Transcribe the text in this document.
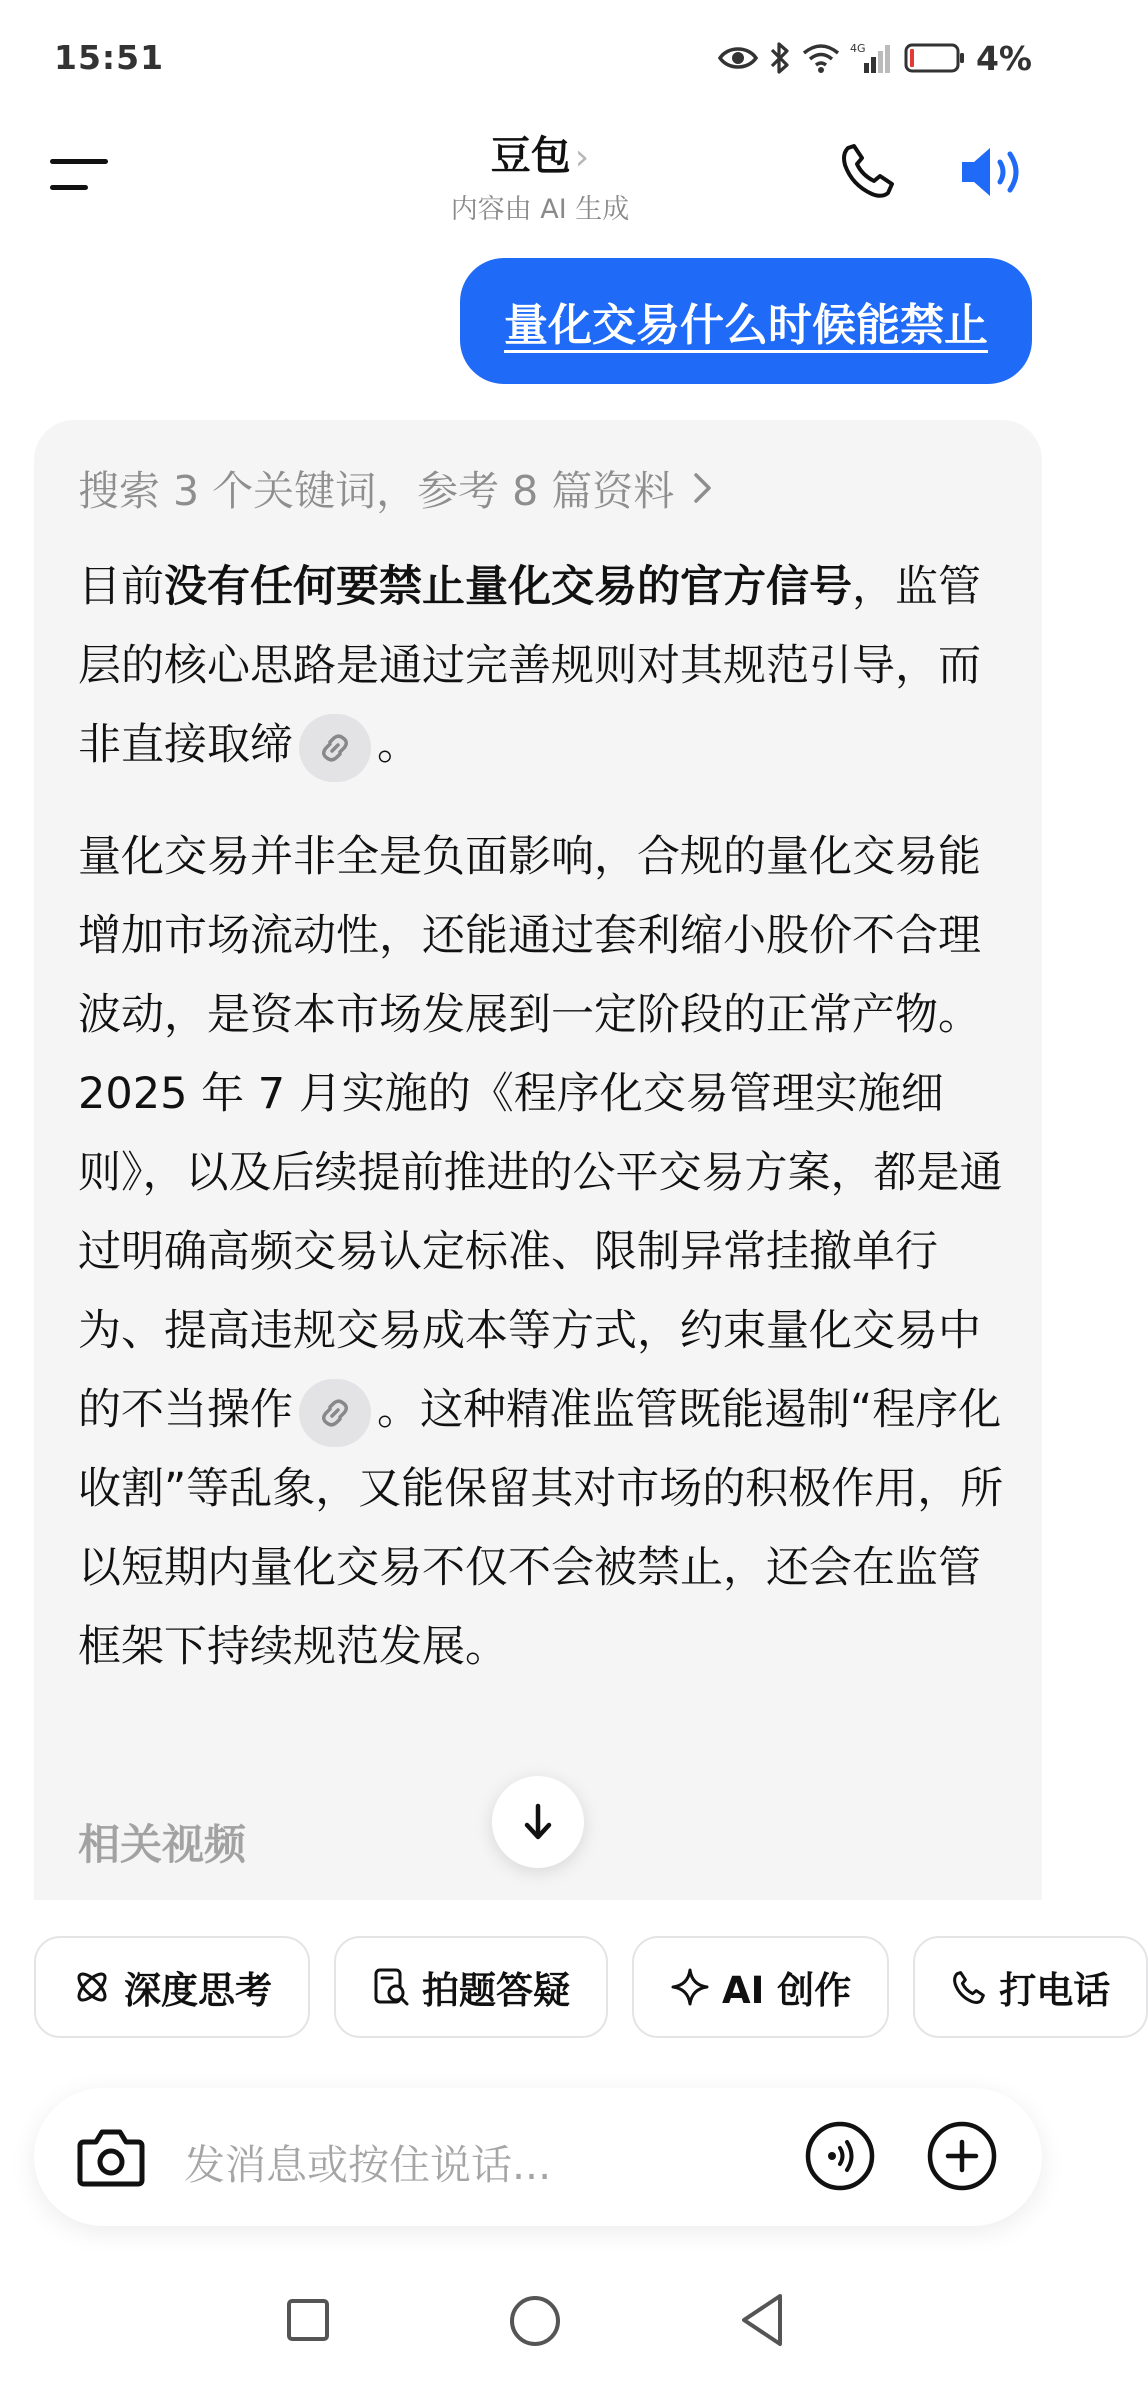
15:51	4G	4%
豆包 ›
内容由 AI 生成
量化交易什么时候能禁止
搜索 3 个关键词，参考 8 篇资料
目前没有任何要禁止量化交易的官方信号，监管层的核心思路是通过完善规则对其规范引导，而非直接取缔 。
量化交易并非全是负面影响，合规的量化交易能增加市场流动性，还能通过套利缩小股价不合理波动，是资本市场发展到一定阶段的正常产物。2025 年 7 月实施的《程序化交易管理实施细则》，以及后续提前推进的公平交易方案，都是通过明确高频交易认定标准、限制异常挂撤单行为、提高违规交易成本等方式，约束量化交易中的不当操作 。这种精准监管既能遏制“程序化收割”等乱象，又能保留其对市场的积极作用，所以短期内量化交易不仅不会被禁止，还会在监管框架下持续规范发展。
相关视频
深度思考	拍题答疑	AI 创作	打电话
发消息或按住说话...
